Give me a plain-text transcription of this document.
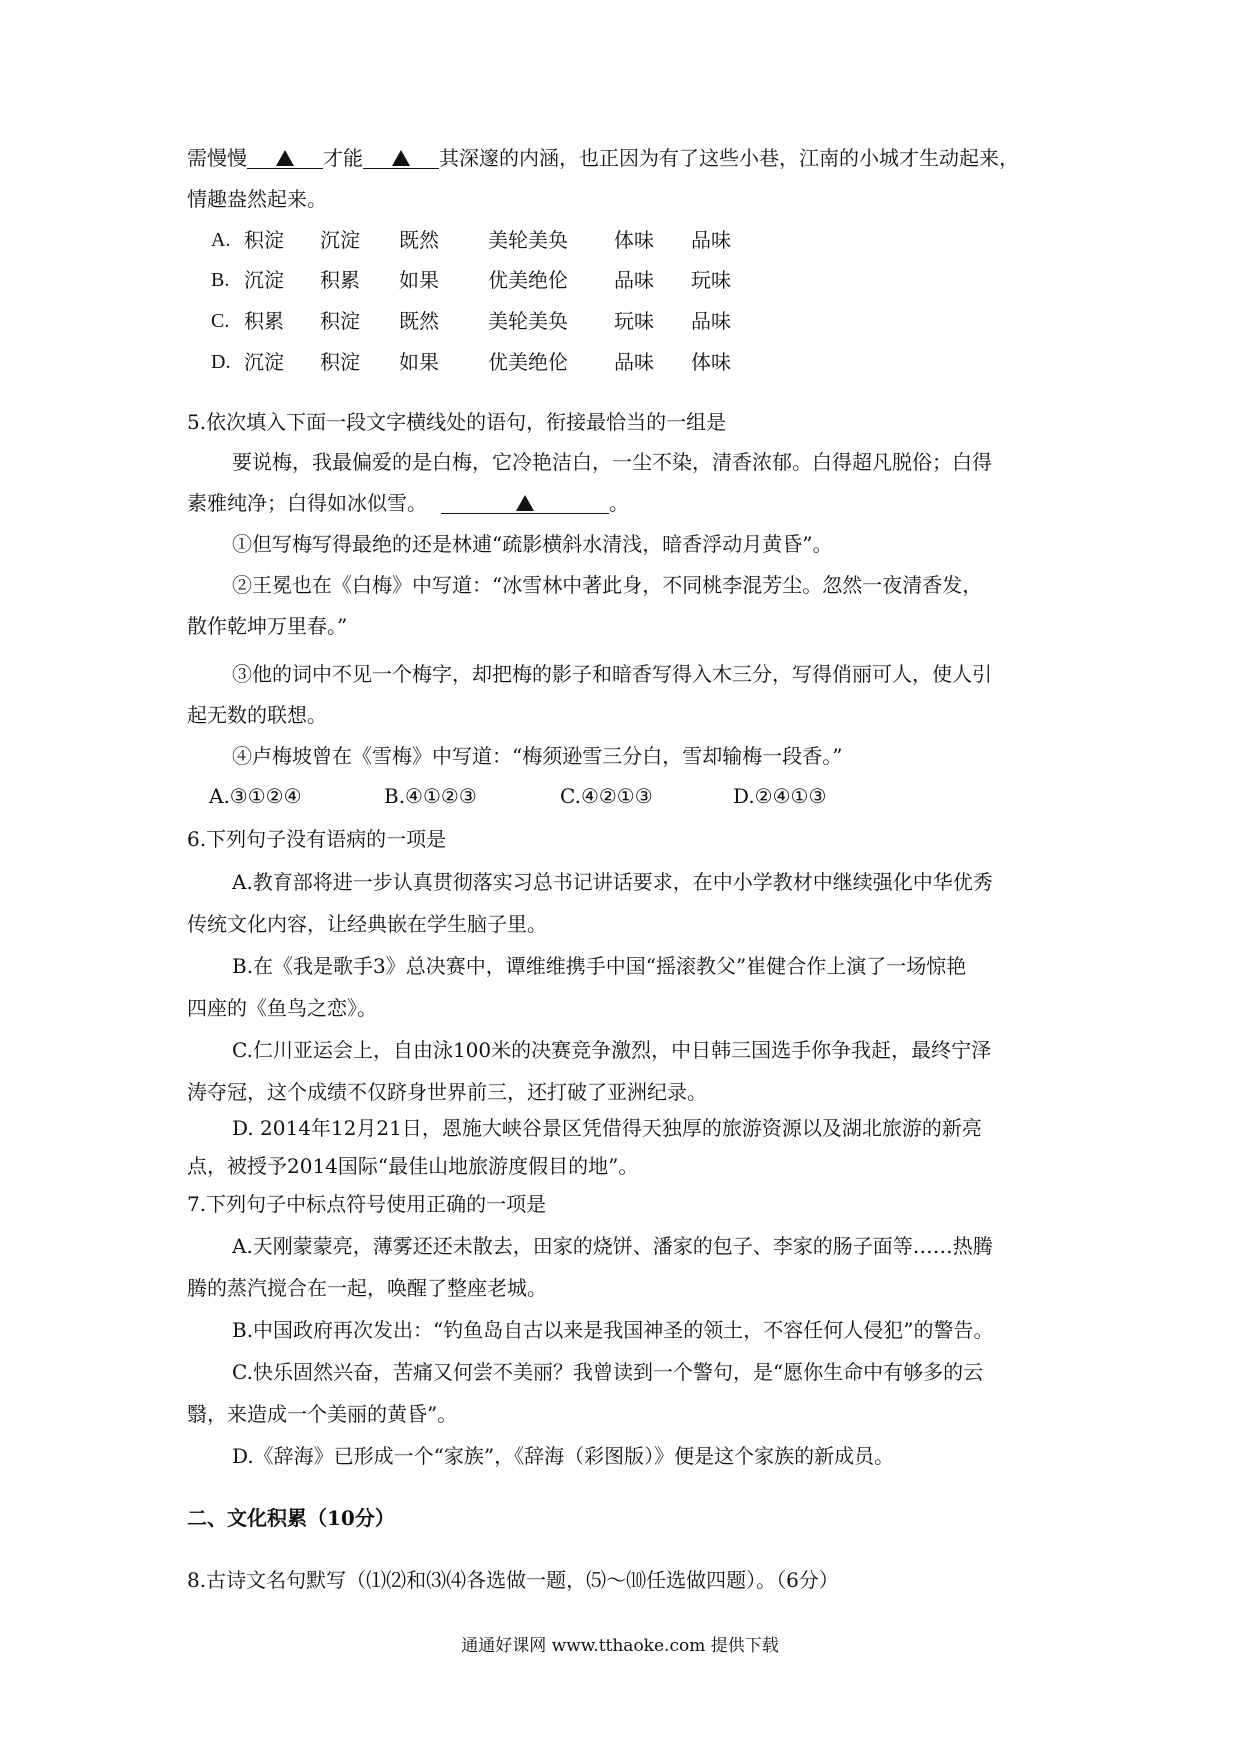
需慢慢	才能	其深邃的内涵，也正因为有了这些小巷，江南的小城才生动起来，
情趣盎然起来。
A. 积淀	沉淀	既然	美轮美奂	体味	品味
B. 沉淀	积累	如果	优美绝伦	品味	玩味
C. 积累	积淀	既然	美轮美奂	玩味	品味
D. 沉淀	积淀	如果	优美绝伦	品味	体味
5.依次填入下面一段文字横线处的语句，衔接最恰当的一组是
要说梅，我最偏爱的是白梅，它冷艳洁白，一尘不染，清香浓郁。白得超凡脱俗；白得
素雅纯净；白得如冰似雪。	。
①但写梅写得最绝的还是林逋“疏影横斜水清浅，暗香浮动月黄昏”。
②王冕也在《白梅》中写道：“冰雪林中著此身，不同桃李混芳尘。忽然一夜清香发，
散作乾坤万里春。”
③他的词中不见一个梅字，却把梅的影子和暗香写得入木三分，写得俏丽可人，使人引
起无数的联想。
④卢梅坡曾在《雪梅》中写道：“梅须逊雪三分白，雪却输梅一段香。”
A.③①②④	B.④①②③	C.④②①③	D.②④①③
6.下列句子没有语病的一项是
A.教育部将进一步认真贯彻落实习总书记讲话要求，在中小学教材中继续强化中华优秀
传统文化内容，让经典嵌在学生脑子里。
B.在《我是歌手3》总决赛中，谭维维携手中国“摇滚教父”崔健合作上演了一场惊艳
四座的《鱼鸟之恋》。
C.仁川亚运会上，自由泳100米的决赛竞争激烈，中日韩三国选手你争我赶，最终宁泽
涛夺冠，这个成绩不仅跻身世界前三，还打破了亚洲纪录。
D. 2014年12月21日，恩施大峡谷景区凭借得天独厚的旅游资源以及湖北旅游的新亮
点，被授予2014国际“最佳山地旅游度假目的地”。
7.下列句子中标点符号使用正确的一项是
A.天刚蒙蒙亮，薄雾还还未散去，田家的烧饼、潘家的包子、李家的肠子面等……热腾
腾的蒸汽搅合在一起，唤醒了整座老城。
B.中国政府再次发出：“钓鱼岛自古以来是我国神圣的领土，不容任何人侵犯”的警告。
C.快乐固然兴奋，苦痛又何尝不美丽？我曾读到一个警句，是“愿你生命中有够多的云
翳，来造成一个美丽的黄昏”。
D.《辞海》已形成一个“家族”，《辞海（彩图版）》便是这个家族的新成员。
二、文化积累（10分）
8.古诗文名句默写（⑴⑵和⑶⑷各选做一题，⑸～⑽任选做四题）。（6分）
通通好课网 www.tthaoke.com 提供下载
